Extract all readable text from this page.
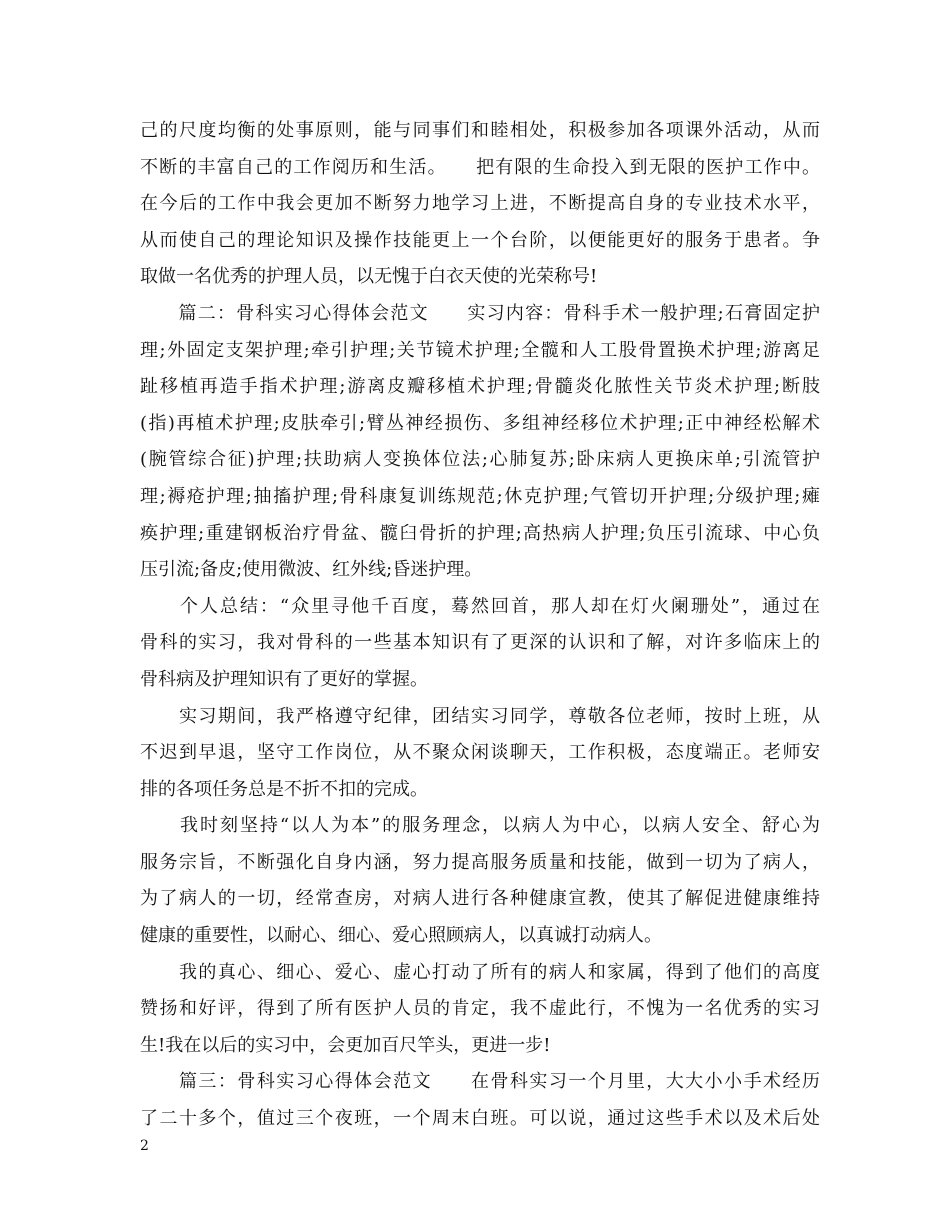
己的尺度均衡的处事原则，能与同事们和睦相处，积极参加各项课外活动，从而
不断的丰富自己的工作阅历和生活。　　把有限的生命投入到无限的医护工作中。
在今后的工作中我会更加不断努力地学习上进，不断提高自身的专业技术水平，
从而使自己的理论知识及操作技能更上一个台阶，以便能更好的服务于患者。争
取做一名优秀的护理人员，以无愧于白衣天使的光荣称号!
　　篇二：骨科实习心得体会范文　　实习内容：骨科手术一般护理;石膏固定护
理;外固定支架护理;牵引护理;关节镜术护理;全髋和人工股骨置换术护理;游离足
趾移植再造手指术护理;游离皮瓣移植术护理;骨髓炎化脓性关节炎术护理;断肢
(指)再植术护理;皮肤牵引;臂丛神经损伤、多组神经移位术护理;正中神经松解术
(腕管综合征)护理;扶助病人变换体位法;心肺复苏;卧床病人更换床单;引流管护
理;褥疮护理;抽搐护理;骨科康复训练规范;休克护理;气管切开护理;分级护理;瘫
痪护理;重建钢板治疗骨盆、髋臼骨折的护理;高热病人护理;负压引流球、中心负
压引流;备皮;使用微波、红外线;昏迷护理。
　　个人总结：“众里寻他千百度，蓦然回首，那人却在灯火阑珊处”，通过在
骨科的实习，我对骨科的一些基本知识有了更深的认识和了解，对许多临床上的
骨科病及护理知识有了更好的掌握。
　　实习期间，我严格遵守纪律，团结实习同学，尊敬各位老师，按时上班，从
不迟到早退，坚守工作岗位，从不聚众闲谈聊天，工作积极，态度端正。老师安
排的各项任务总是不折不扣的完成。
　　我时刻坚持“以人为本”的服务理念，以病人为中心，以病人安全、舒心为
服务宗旨，不断强化自身内涵，努力提高服务质量和技能，做到一切为了病人，
为了病人的一切，经常查房，对病人进行各种健康宣教，使其了解促进健康维持
健康的重要性，以耐心、细心、爱心照顾病人，以真诚打动病人。
　　我的真心、细心、爱心、虚心打动了所有的病人和家属，得到了他们的高度
赞扬和好评，得到了所有医护人员的肯定，我不虚此行，不愧为一名优秀的实习
生!我在以后的实习中，会更加百尺竿头，更进一步!
　　篇三：骨科实习心得体会范文　　在骨科实习一个月里，大大小小手术经历
了二十多个，值过三个夜班，一个周末白班。可以说，通过这些手术以及术后处
2
